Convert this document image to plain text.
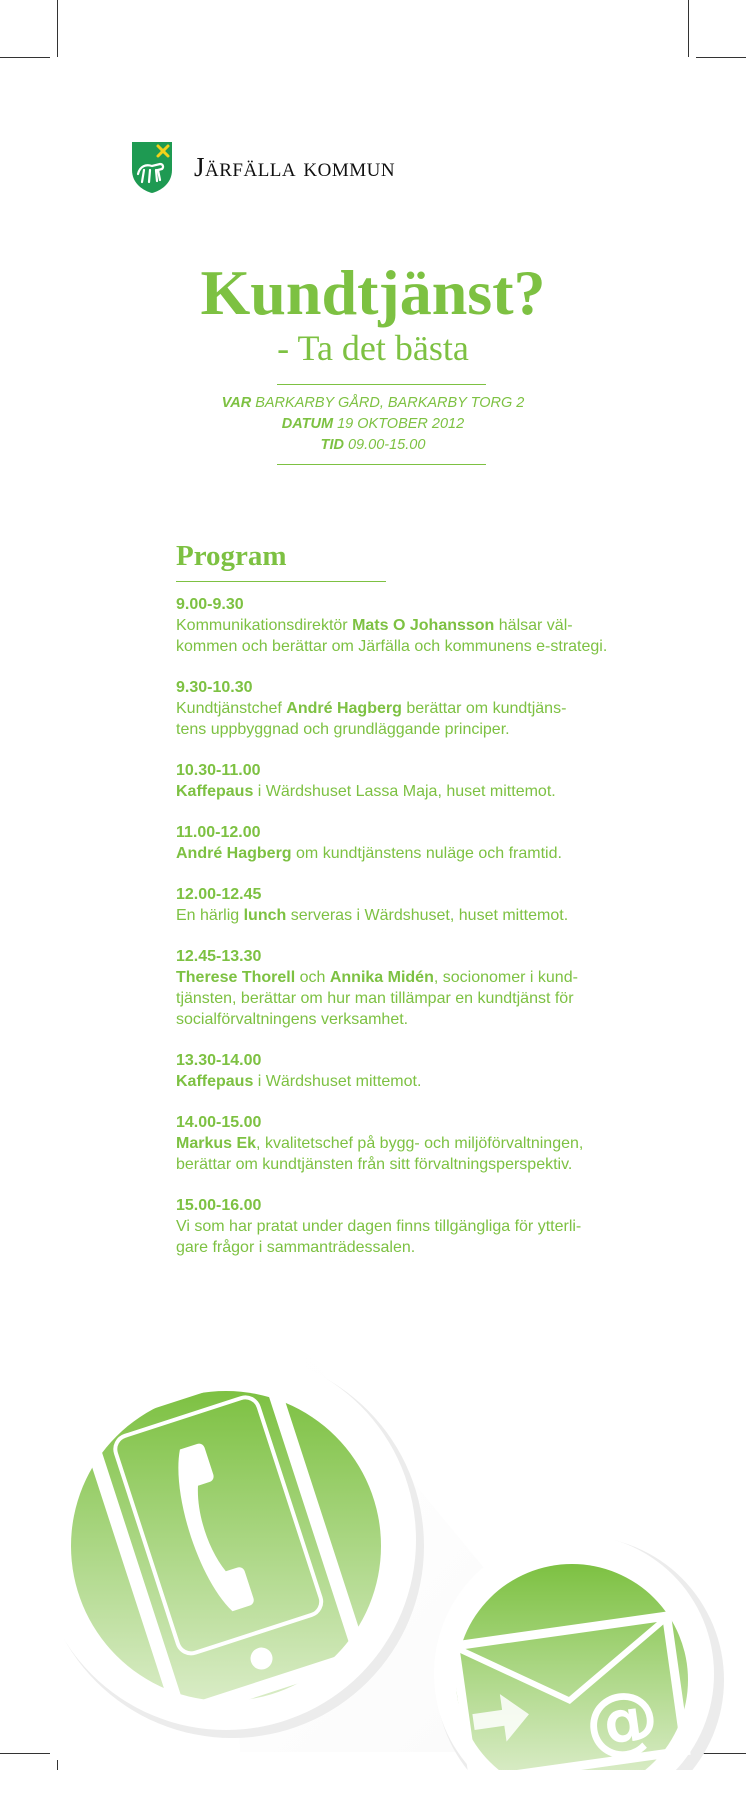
Järfälla kommun
Kundtjänst?
- Ta det bästa
VAR BARKARBY GÅRD, BARKARBY TORG 2
DATUM 19 OKTOBER 2012
TID 09.00-15.00
Program
9.00-9.30
Kommunikationsdirektör Mats O Johansson hälsar väl-
kommen och berättar om Järfälla och kommunens e-strategi.
9.30-10.30
Kundtjänstchef André Hagberg berättar om kundtjäns-
tens uppbyggnad och grundläggande principer.
10.30-11.00
Kaffepaus i Wärdshuset Lassa Maja, huset mittemot.
11.00-12.00
André Hagberg om kundtjänstens nuläge och framtid.
12.00-12.45
En härlig lunch serveras i Wärdshuset, huset mittemot.
12.45-13.30
Therese Thorell och Annika Midén, socionomer i kund-
tjänsten, berättar om hur man tillämpar en kundtjänst för
socialförvaltningens verksamhet.
13.30-14.00
Kaffepaus i Wärdshuset mittemot.
14.00-15.00
Markus Ek, kvalitetschef på bygg- och miljöförvaltningen,
berättar om kundtjänsten från sitt förvaltningsperspektiv.
15.00-16.00
Vi som har pratat under dagen finns tillgängliga för ytterli-
gare frågor i sammanträdessalen.
@
